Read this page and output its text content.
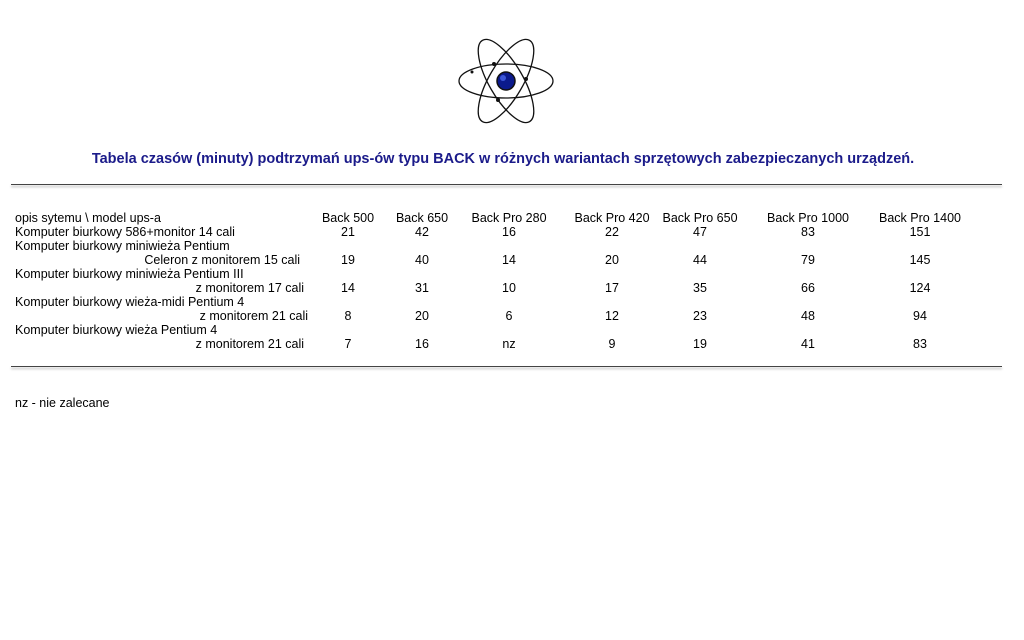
Tabela czasów (minuty) podtrzymań ups-ów typu BACK w różnych wariantach sprzętowych zabezpieczanych urządzeń.
opis sytemu \ model ups-a	Back 500 Back 650 Back Pro 280 Back Pro 420 Back Pro 650 Back Pro 1000 Back Pro 1400
Komputer biurkowy 586+monitor 14 cali	21	42	16	22	47	83	151
Komputer biurkowy miniwieża Pentium
Celeron z monitorem 15 cali	19	40	14	20	44	79	145
Komputer biurkowy miniwieża Pentium III
z monitorem 17 cali	14	31	10	17	35	66	124
Komputer biurkowy wieża-midi Pentium 4
z monitorem 21 cali	8	20	6	12	23	48	94
Komputer biurkowy wieża Pentium 4
z monitorem 21 cali	7	16	nz	9	19	41	83
nz - nie zalecane
